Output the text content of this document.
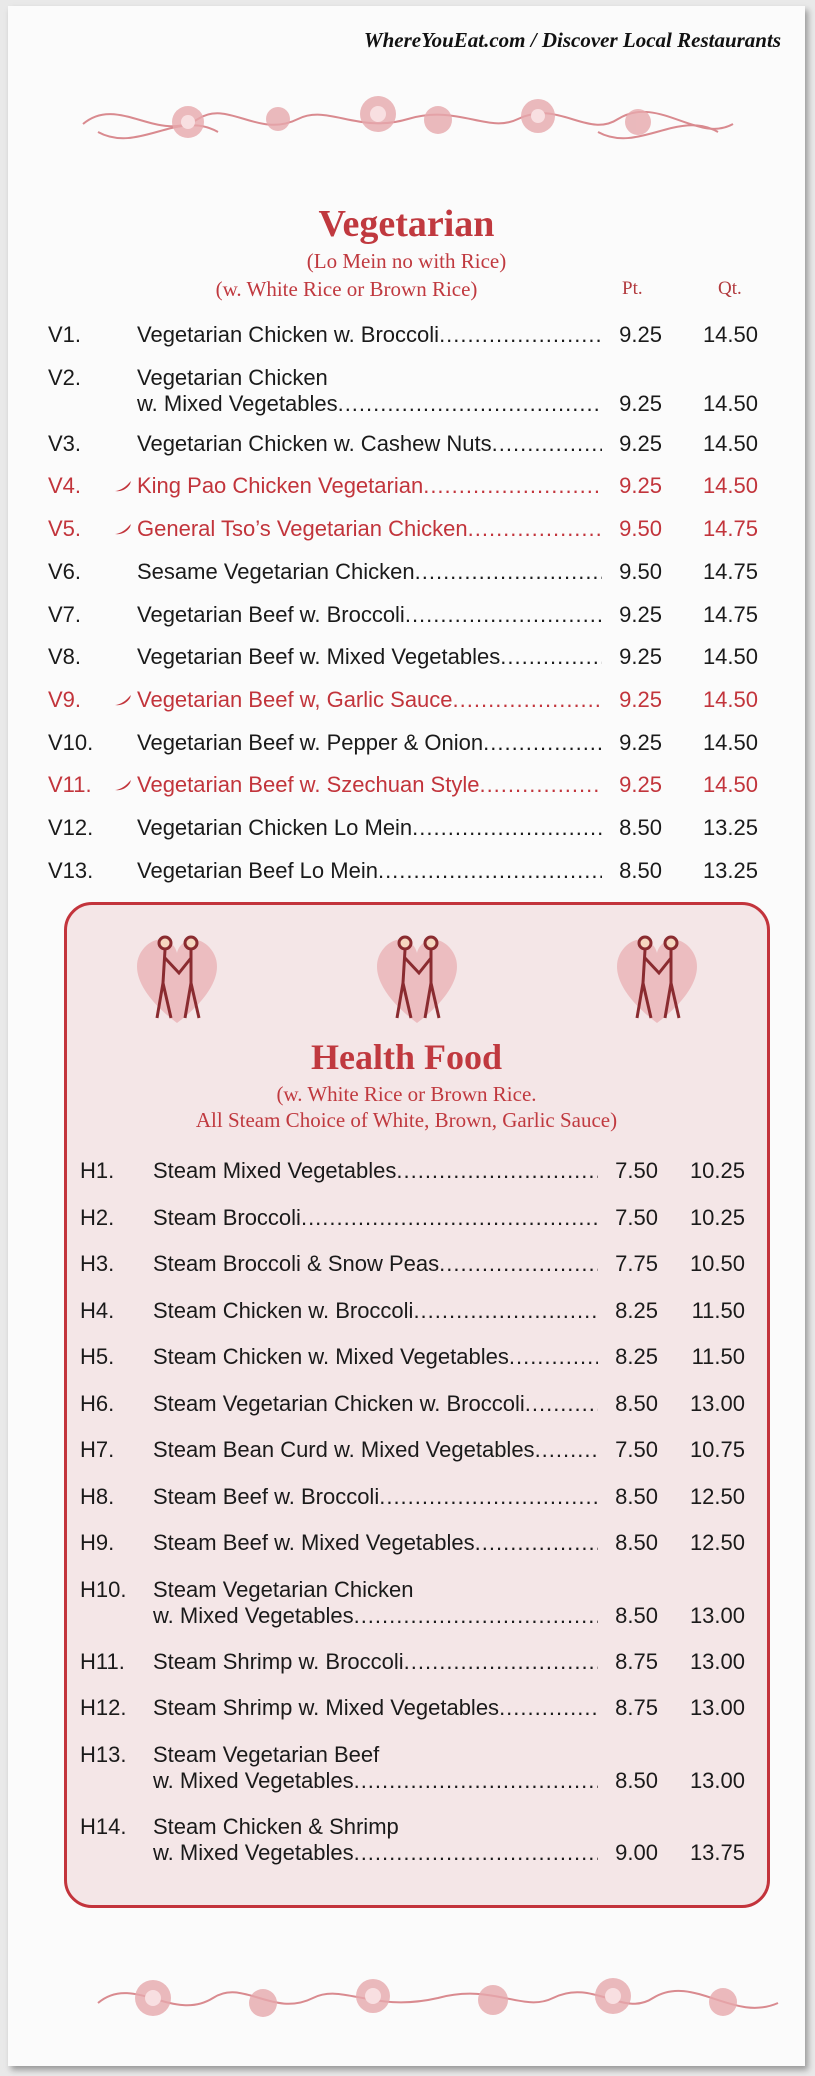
WhereYouEat.com / Discover Local Restaurants
Vegetarian
(Lo Mein no with Rice)
(w. White Rice or Brown Rice)	Pt.	Qt.
V1.	Vegetarian Chicken w. Broccoli .....	9.25	14.50
V2.	Vegetarian Chicken
w. Mixed Vegetables .....	9.25	14.50
V3.	Vegetarian Chicken w. Cashew Nuts .....	9.25	14.50
V4.	King Pao Chicken Vegetarian .....	9.25	14.50
V5.	General Tso’s Vegetarian Chicken .....	9.50	14.75
V6.	Sesame Vegetarian Chicken .....	9.50	14.75
V7.	Vegetarian Beef w. Broccoli .....	9.25	14.75
V8.	Vegetarian Beef w. Mixed Vegetables .....	9.25	14.50
V9.	Vegetarian Beef w, Garlic Sauce .....	9.25	14.50
V10. Vegetarian Beef w. Pepper & Onion .....	9.25	14.50
V11. Vegetarian Beef w. Szechuan Style .....	9.25	14.50
V12. Vegetarian Chicken Lo Mein .....	8.50	13.25
V13. Vegetarian Beef Lo Mein .....	8.50	13.25
Health Food
(w. White Rice or Brown Rice.
All Steam Choice of White, Brown, Garlic Sauce)
H1. Steam Mixed Vegetables .....	7.50	10.25
H2. Steam Broccoli .....	7.50	10.25
H3. Steam Broccoli & Snow Peas .....	7.75	10.50
H4. Steam Chicken w. Broccoli .....	8.25	11.50
H5. Steam Chicken w. Mixed Vegetables .....	8.25	11.50
H6. Steam Vegetarian Chicken w. Broccoli .....	8.50	13.00
H7. Steam Bean Curd w. Mixed Vegetables .....	7.50	10.75
H8. Steam Beef w. Broccoli .....	8.50	12.50
H9. Steam Beef w. Mixed Vegetables .....	8.50	12.50
H10. Steam Vegetarian Chicken
w. Mixed Vegetables .....	8.50	13.00
H11. Steam Shrimp w. Broccoli .....	8.75	13.00
H12. Steam Shrimp w. Mixed Vegetables .....	8.75	13.00
H13. Steam Vegetarian Beef
w. Mixed Vegetables .....	8.50	13.00
H14. Steam Chicken & Shrimp
w. Mixed Vegetables .....	9.00	13.75
